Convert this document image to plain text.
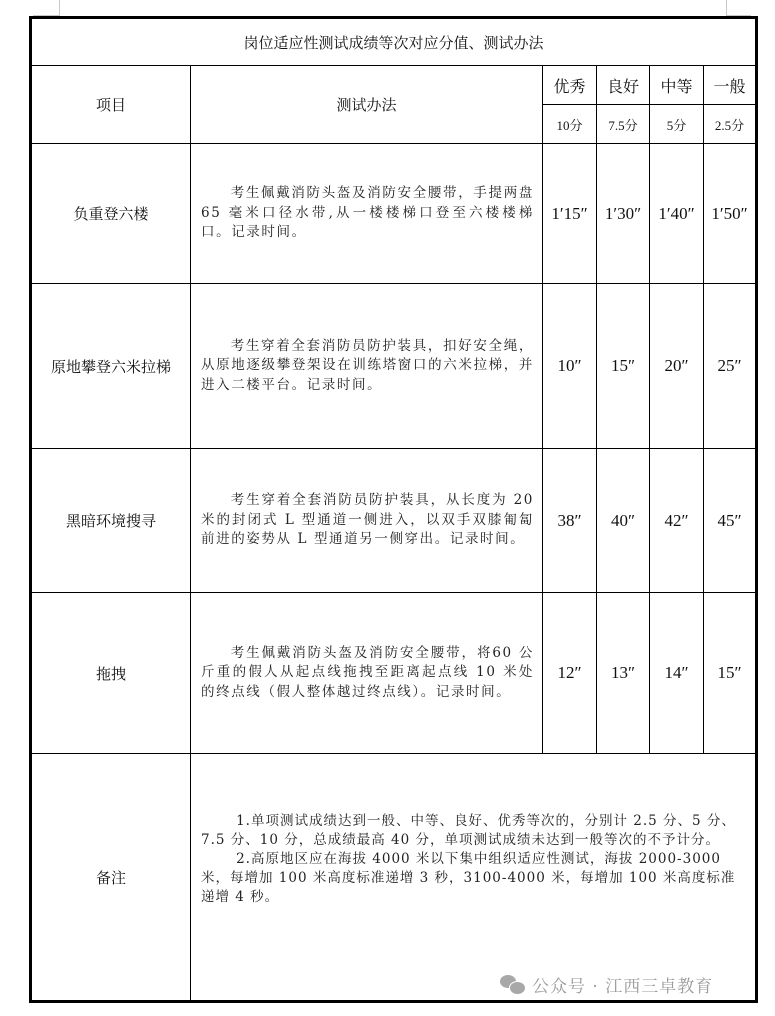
岗位适应性测试成绩等次对应分值、测试办法					
项目	测试办法	优秀	良好	中等	一般
		10分	7.5分	5分	2.5分
负重登六楼	考生佩戴消防头盔及消防安全腰带，手提两盘 65 毫米口径水带,从一楼楼梯口登至六楼楼梯口。记录时间。	1′15″	1′30″	1′40″	1′50″
原地攀登六米拉梯	考生穿着全套消防员防护装具，扣好安全绳，从原地逐级攀登架设在训练塔窗口的六米拉梯，并进入二楼平台。记录时间。	10″	15″	20″	25″
黑暗环境搜寻	考生穿着全套消防员防护装具，从长度为 20 米的封闭式 L 型通道一侧进入，以双手双膝匍匐前进的姿势从 L 型通道另一侧穿出。记录时间。	38″	40″	42″	45″
拖拽	考生佩戴消防头盔及消防安全腰带，将60 公斤重的假人从起点线拖拽至距离起点线 10 米处的终点线（假人整体越过终点线）。记录时间。	12″	13″	14″	15″
备注	1.单项测试成绩达到一般、中等、良好、优秀等次的，分别计 2.5 分、5 分、7.5 分、10 分，总成绩最高 40 分，单项测试成绩未达到一般等次的不予计分。

2.高原地区应在海拔 4000 米以下集中组织适应性测试，海拔 2000-3000 米，每增加 100 米高度标准递增 3 秒，3100-4000 米，每增加 100 米高度标准递增 4 秒。				

公众号 · 江西三卓教育
